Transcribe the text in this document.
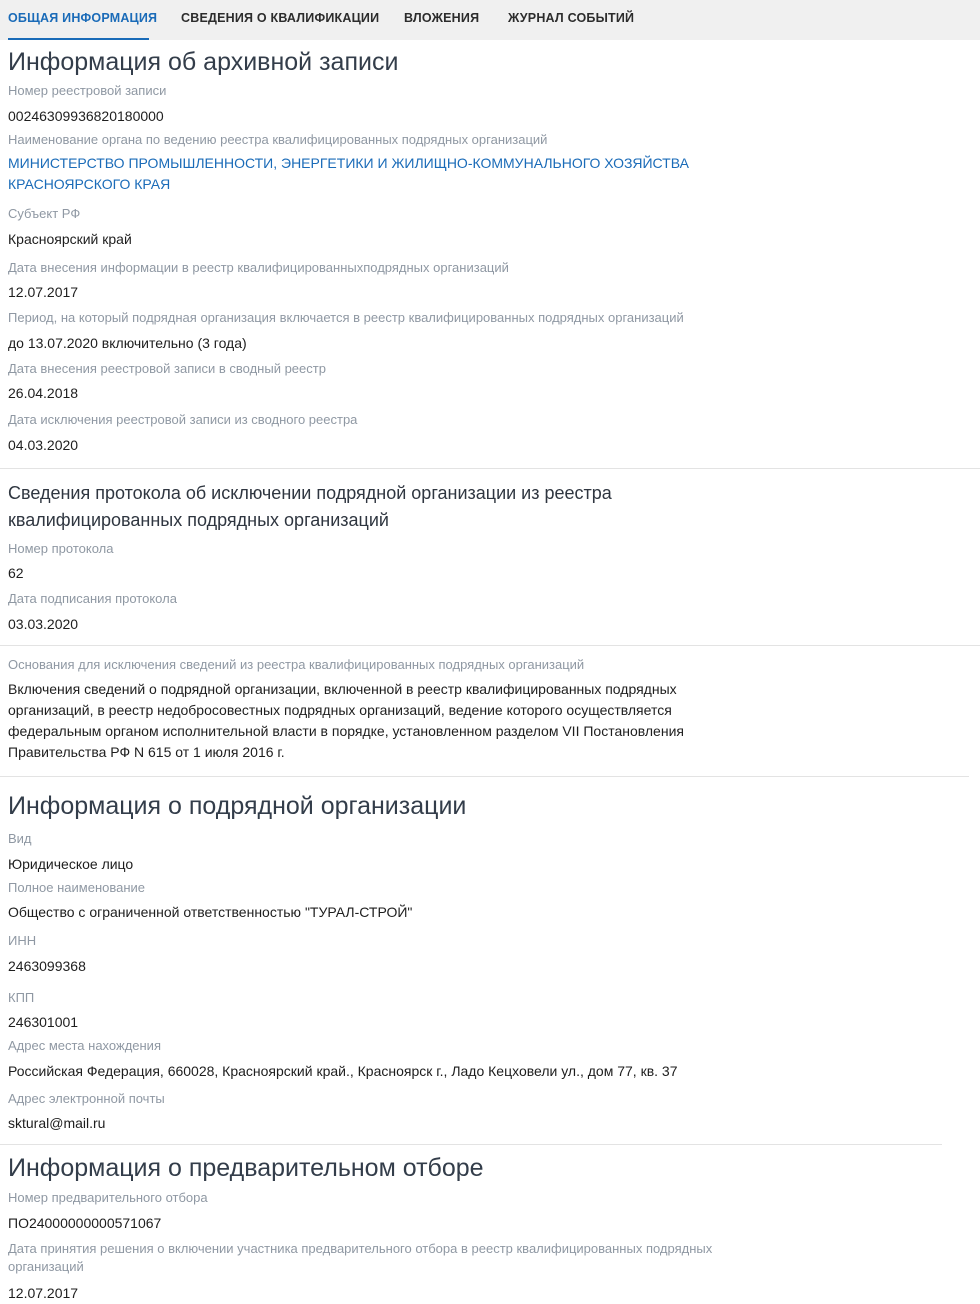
ОБЩАЯ ИНФОРМАЦИЯ СВЕДЕНИЯ О КВАЛИФИКАЦИИ ВЛОЖЕНИЯ ЖУРНАЛ СОБЫТИЙ
Информация об архивной записи
Номер реестровой записи
00246309936820180000
Наименование органа по ведению реестра квалифицированных подрядных организаций
МИНИСТЕРСТВО ПРОМЫШЛЕННОСТИ, ЭНЕРГЕТИКИ И ЖИЛИЩНО-КОММУНАЛЬНОГО ХОЗЯЙСТВА КРАСНОЯРСКОГО КРАЯ
Субъект РФ
Красноярский край
Дата внесения информации в реестр квалифицированныхподрядных организаций
12.07.2017
Период, на который подрядная организация включается в реестр квалифицированных подрядных организаций
до 13.07.2020 включительно (3 года)
Дата внесения реестровой записи в сводный реестр
26.04.2018
Дата исключения реестровой записи из сводного реестра
04.03.2020
Сведения протокола об исключении подрядной организации из реестра квалифицированных подрядных организаций
Номер протокола
62
Дата подписания протокола
03.03.2020
Основания для исключения сведений из реестра квалифицированных подрядных организаций
Включения сведений о подрядной организации, включенной в реестр квалифицированных подрядных организаций, в реестр недобросовестных подрядных организаций, ведение которого осуществляется федеральным органом исполнительной власти в порядке, установленном разделом VII Постановления Правительства РФ N 615 от 1 июля 2016 г.
Информация о подрядной организации
Вид
Юридическое лицо
Полное наименование
Общество с ограниченной ответственностью "ТУРАЛ-СТРОЙ"
ИНН
2463099368
КПП
246301001
Адрес места нахождения
Российская Федерация, 660028, Красноярский край., Красноярск г., Ладо Кецховели ул., дом 77, кв. 37
Адрес электронной почты
sktural@mail.ru
Информация о предварительном отборе
Номер предварительного отбора
ПО24000000000571067
Дата принятия решения о включении участника предварительного отбора в реестр квалифицированных подрядных организаций
12.07.2017
